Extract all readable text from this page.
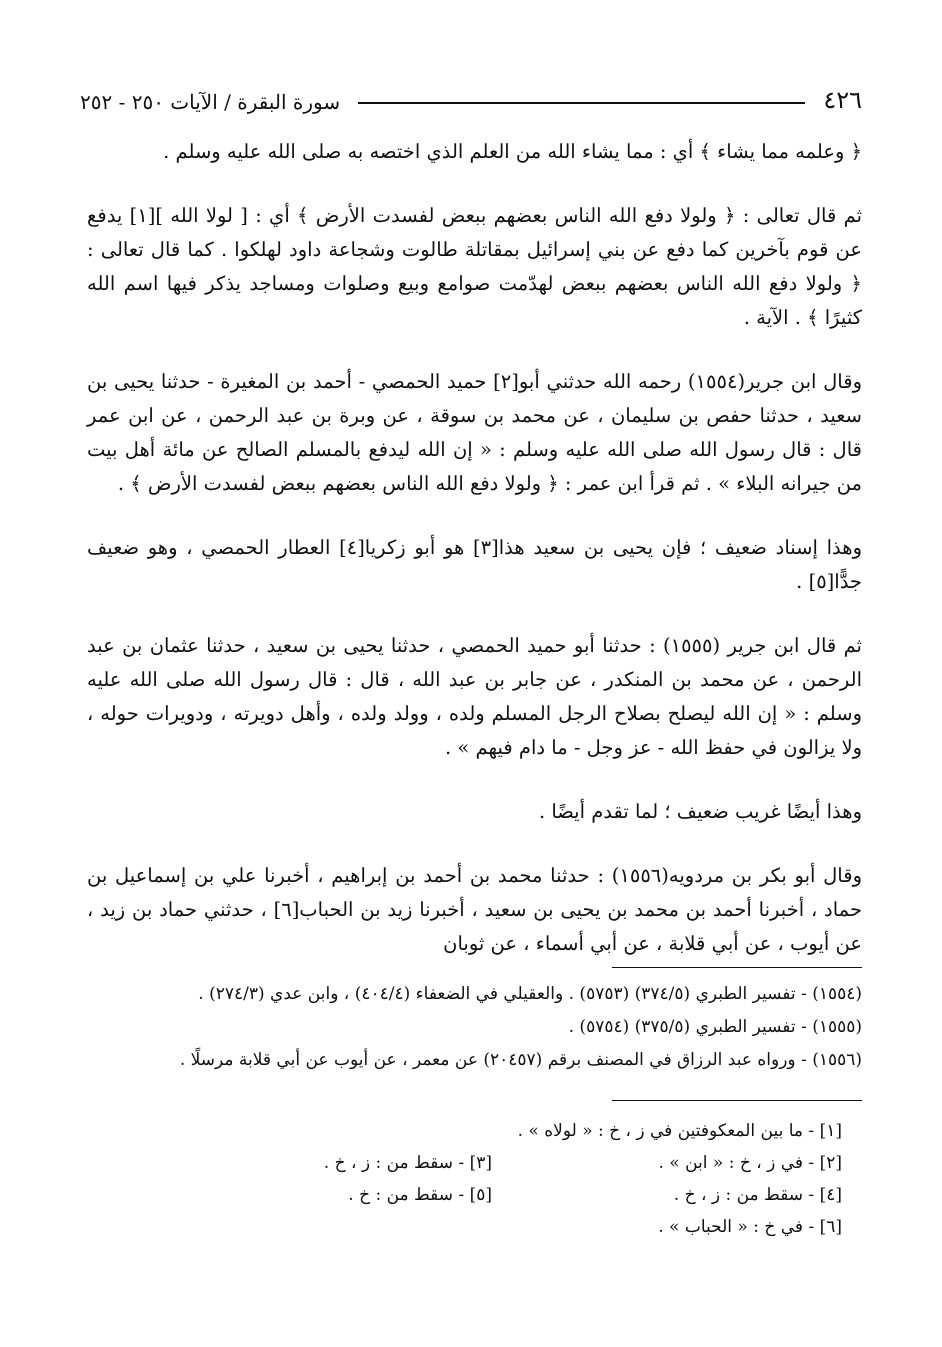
٤٢٦
سورة البقرة / الآيات ٢٥٠ - ٢٥٢

﴿ وعلمه مما يشاء ﴾ أي : مما يشاء الله من العلم الذي اختصه به صلى الله عليه وسلم .

ثم قال تعالى : ﴿ ولولا دفع الله الناس بعضهم ببعض لفسدت الأرض ﴾ أي : [ لولا الله ][١] يدفع عن قوم بآخرين كما دفع عن بني إسرائيل بمقاتلة طالوت وشجاعة داود لهلكوا . كما قال تعالى : ﴿ ولولا دفع الله الناس بعضهم ببعض لهدّمت صوامع وبيع وصلوات ومساجد يذكر فيها اسم الله كثيرًا ﴾ . الآية .

وقال ابن جرير(١٥٥٤) رحمه الله حدثني أبو[٢] حميد الحمصي - أحمد بن المغيرة - حدثنا يحيى بن سعيد ، حدثنا حفص بن سليمان ، عن محمد بن سوقة ، عن وبرة بن عبد الرحمن ، عن ابن عمر قال : قال رسول الله صلى الله عليه وسلم : « إن الله ليدفع بالمسلم الصالح عن مائة أهل بيت من جيرانه البلاء » . ثم قرأ ابن عمر : ﴿ ولولا دفع الله الناس بعضهم ببعض لفسدت الأرض ﴾ .

وهذا إسناد ضعيف ؛ فإن يحيى بن سعيد هذا[٣] هو أبو زكريا[٤] العطار الحمصي ، وهو ضعيف جدًّا[٥] .

ثم قال ابن جرير (١٥٥٥) : حدثنا أبو حميد الحمصي ، حدثنا يحيى بن سعيد ، حدثنا عثمان بن عبد الرحمن ، عن محمد بن المنكدر ، عن جابر بن عبد الله ، قال : قال رسول الله صلى الله عليه وسلم : « إن الله ليصلح بصلاح الرجل المسلم ولده ، وولد ولده ، وأهل دويرته ، ودويرات حوله ، ولا يزالون في حفظ الله - عز وجل - ما دام فيهم » .

وهذا أيضًا غريب ضعيف ؛ لما تقدم أيضًا .

وقال أبو بكر بن مردويه(١٥٥٦) : حدثنا محمد بن أحمد بن إبراهيم ، أخبرنا علي بن إسماعيل بن حماد ، أخبرنا أحمد بن محمد بن يحيى بن سعيد ، أخبرنا زيد بن الحباب[٦] ، حدثني حماد بن زيد ، عن أيوب ، عن أبي قلابة ، عن أبي أسماء ، عن ثوبان

(١٥٥٤) - تفسير الطبري (٣٧٤/٥) (٥٧٥٣) . والعقيلي في الضعفاء (٤٠٤/٤) ، وابن عدي (٢٧٤/٣) .
(١٥٥٥) - تفسير الطبري (٣٧٥/٥) (٥٧٥٤) .
(١٥٥٦) - ورواه عبد الرزاق في المصنف برقم (٢٠٤٥٧) عن معمر ، عن أيوب عن أبي قلابة مرسلًا .
[١] - ما بين المعكوفتين في ز ، خ : « لولاه » .
[٢] - في ز ، خ : « ابن » .
[٣] - سقط من : ز ، خ .
[٤] - سقط من : ز ، خ .
[٥] - سقط من : خ .
[٦] - في خ : « الحباب » .
